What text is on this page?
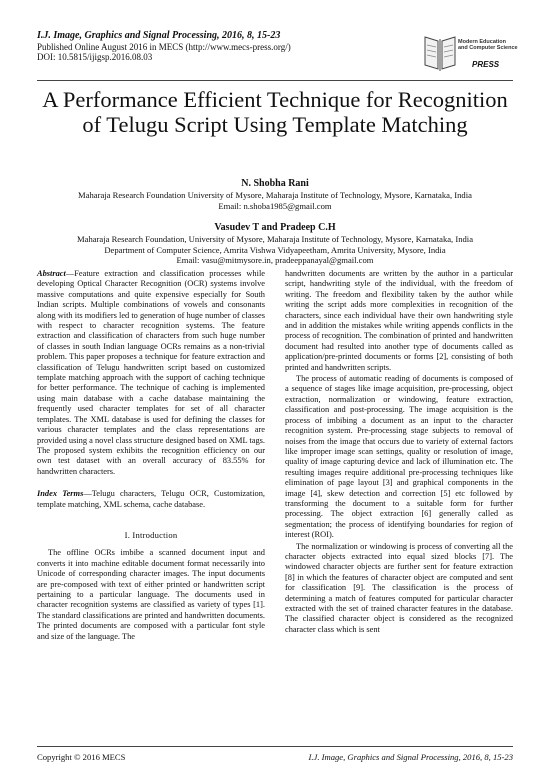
I.J. Image, Graphics and Signal Processing, 2016, 8, 15-23
Published Online August 2016 in MECS (http://www.mecs-press.org/)
DOI: 10.5815/ijigsp.2016.08.03
Modern Education
and Computer Science
PRESS
A Performance Efficient Technique for Recognition of Telugu Script Using Template Matching
N. Shobha Rani
Maharaja Research Foundation University of Mysore, Maharaja Institute of Technology, Mysore, Karnataka, India
Email: n.shoba1985@gmail.com
Vasudev T and Pradeep C.H
Maharaja Research Foundation, University of Mysore, Maharaja Institute of Technology, Mysore, Karnataka, India
Department of Computer Science, Amrita Vishwa Vidyapeetham, Amrita University, Mysore, India
Email: vasu@mitmysore.in, pradeeppanayal@gmail.com

Abstract—Feature extraction and classification processes while developing Optical Character Recognition (OCR) systems involve massive computations and quite expensive especially for South Indian scripts. Multiple combinations of vowels and consonants along with its modifiers led to generation of huge number of classes with respect to character recognition systems. The feature extraction and classification of characters from such huge number of classes in south Indian language OCRs remains as a non-trivial problem. This paper proposes a technique for feature extraction and classification of Telugu handwritten script based on customized template matching approach with the support of caching technique for better performance. The technique of caching is implemented using main database with a cache database maintaining the frequently used character templates for set of all character templates. The XML database is used for defining the classes for various character templates and the class representations are provided using a novel class structure designed based on XML tags. The proposed system exhibits the recognition efficiency on our own test dataset with an overall accuracy of 83.55% for handwritten characters.

Index Terms—Telugu characters, Telugu OCR, Customization, template matching, XML schema, cache database.

I. Introduction

The offline OCRs imbibe a scanned document input and converts it into machine editable document format necessarily into Unicode of corresponding character images. The input documents are pre-composed with text of either printed or handwritten script pertaining to a particular language. The documents used in character recognition systems are classified as variety of types [1]. The standard classifications are printed and handwritten documents. The printed documents are composed with a particular font style and size of the language. The

handwritten documents are written by the author in a particular script, handwriting style of the individual, with the freedom of writing. The freedom and flexibility taken by the author while writing the script adds more complexities in recognition of the characters, since each individual have their own handwriting style and in addition the mistakes while writing appends conflicts in the process of recognition. The combination of printed and handwritten document had resulted into another type of documents called as application/pre-printed documents or forms [2], consisting of both printed and handwritten scripts.

The process of automatic reading of documents is composed of a sequence of stages like image acquisition, pre-processing, object extraction, normalization or windowing, feature extraction, classification and post-processing. The image acquisition is the process of imbibing a document as an input to the character recognition system. Pre-processing stage subjects to removal of noises from the image that occurs due to variety of external factors like improper image scan settings, quality or resolution of image, quality of image capturing device and lack of illumination etc. The resulting images require additional pre-processing techniques like elimination of page layout [3] and graphical components in the image [4], skew detection and correction [5] etc followed by transforming the document to a suitable form for further processing. The object extraction [6] generally called as segmentation; the process of identifying boundaries for region of interest (ROI).

The normalization or windowing is process of converting all the character objects extracted into equal sized blocks [7]. The windowed character objects are further sent for feature extraction [8] in which the features of character object are computed and sent for classification [9]. The classification is the process of determining a match of features computed for particular character extracted with the set of trained character features in the database. The classified character object is considered as the recognized character class which is sent

Copyright © 2016 MECS	I.J. Image, Graphics and Signal Processing, 2016, 8, 15-23
